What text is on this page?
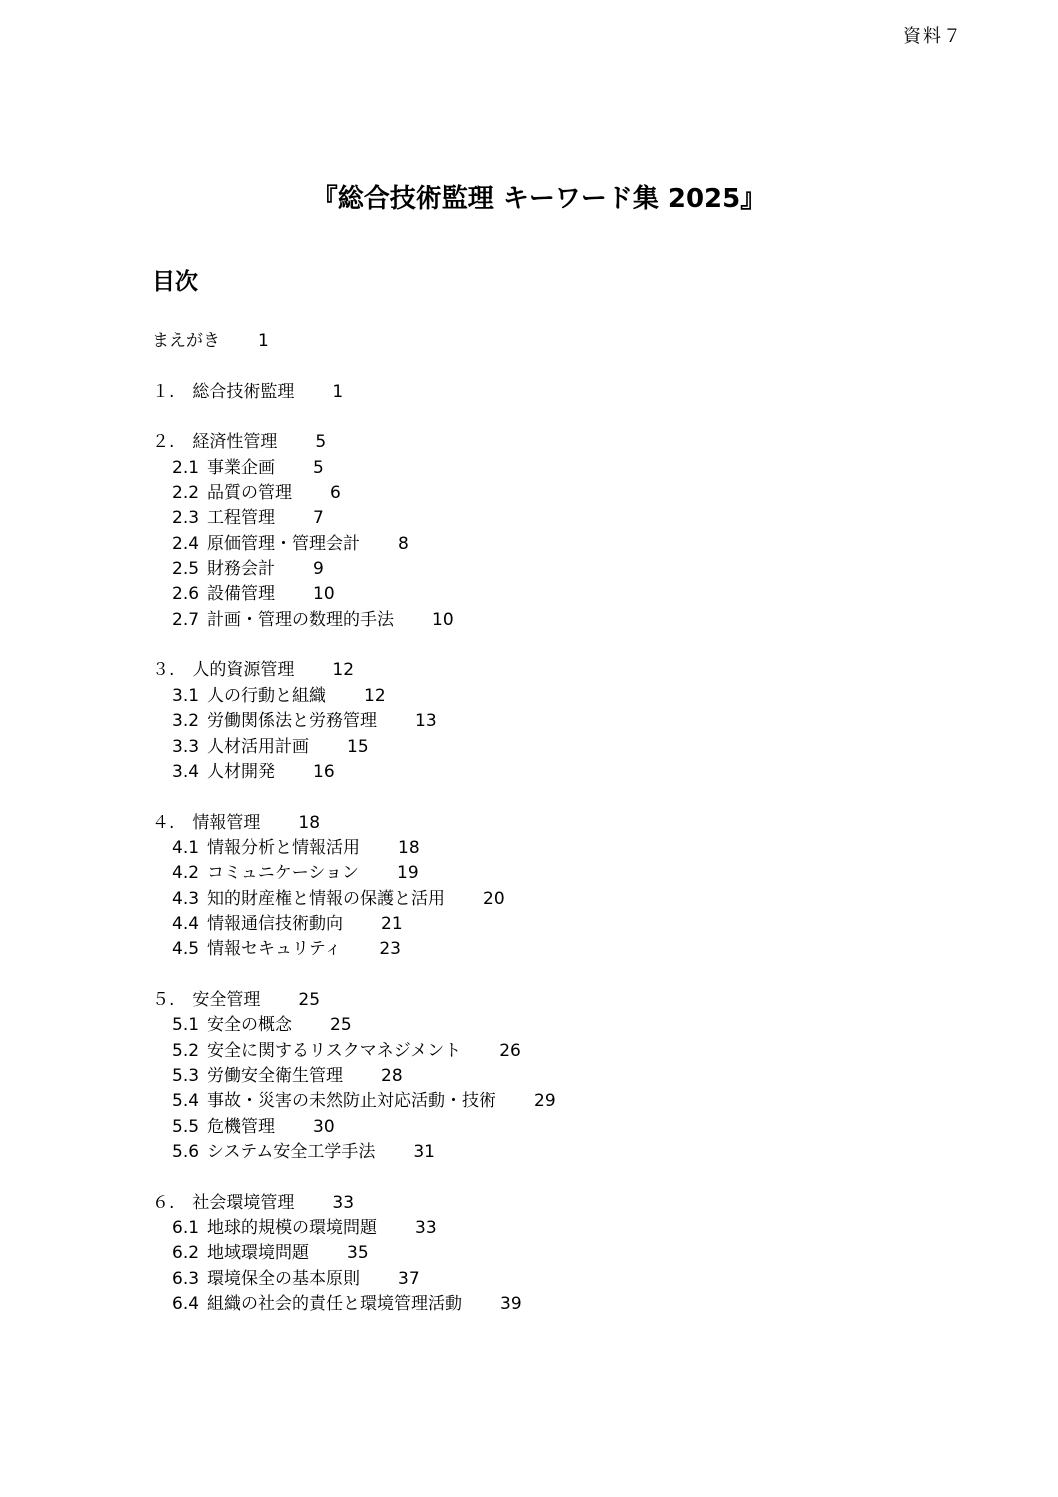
資料７
『総合技術監理 キーワード集 2025』
目次
まえがき 1
１. 総合技術監理 1
２. 経済性管理 5
2.1 事業企画 5
2.2 品質の管理 6
2.3 工程管理 7
2.4 原価管理・管理会計 8
2.5 財務会計 9
2.6 設備管理 10
2.7 計画・管理の数理的手法 10
３. 人的資源管理 12
3.1 人の行動と組織 12
3.2 労働関係法と労務管理 13
3.3 人材活用計画 15
3.4 人材開発 16
４. 情報管理 18
4.1 情報分析と情報活用 18
4.2 コミュニケーション 19
4.3 知的財産権と情報の保護と活用 20
4.4 情報通信技術動向 21
4.5 情報セキュリティ 23
５. 安全管理 25
5.1 安全の概念 25
5.2 安全に関するリスクマネジメント 26
5.3 労働安全衛生管理 28
5.4 事故・災害の未然防止対応活動・技術 29
5.5 危機管理 30
5.6 システム安全工学手法 31
６. 社会環境管理 33
6.1 地球的規模の環境問題 33
6.2 地域環境問題 35
6.3 環境保全の基本原則 37
6.4 組織の社会的責任と環境管理活動 39
